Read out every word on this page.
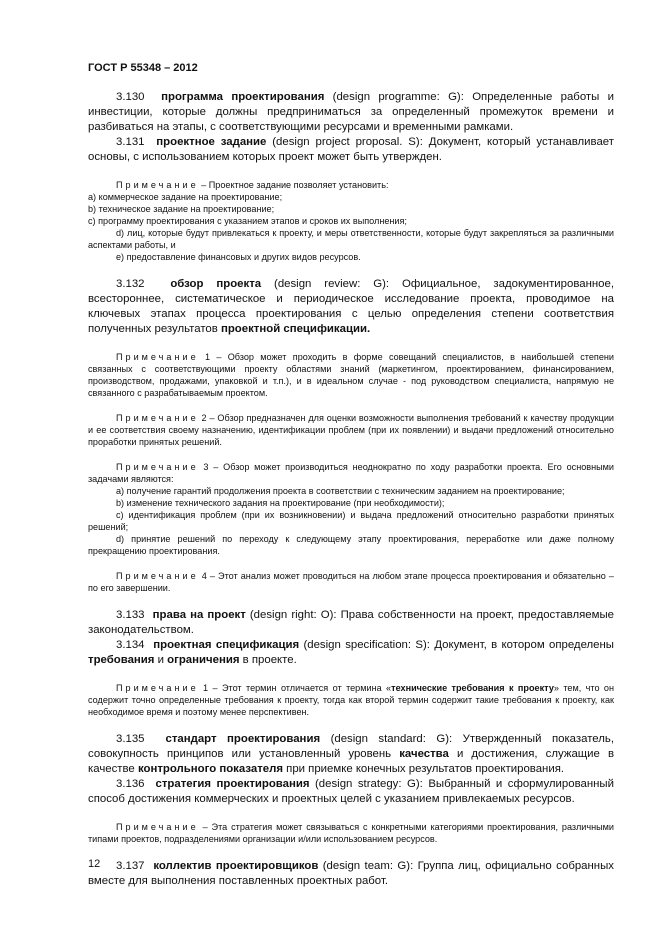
ГОСТ Р 55348 – 2012

3.130 программа проектирования (design programme: G): Определенные работы и инвестиции, которые должны предприниматься за определенный промежуток времени и разбиваться на этапы, с соответствующими ресурсами и временными рамками.

3.131 проектное задание (design project proposal. S): Документ, который устанавливает основы, с использованием которых проект может быть утвержден.

Примечание – Проектное задание позволяет установить:

а) коммерческое задание на проектирование;

b) техническое задание на проектирование;

c) программу проектирования с указанием этапов и сроков их выполнения;

d) лиц, которые будут привлекаться к проекту, и меры ответственности, которые будут закрепляться за различными аспектами работы, и

e) предоставление финансовых и других видов ресурсов.

3.132 обзор проекта (design review: G): Официальное, задокументированное, всестороннее, систематическое и периодическое исследование проекта, проводимое на ключевых этапах процесса проектирования с целью определения степени соответствия полученных результатов проектной спецификации.

Примечание 1 – Обзор может проходить в форме совещаний специалистов, в наибольшей степени связанных с соответствующими проекту областями знаний (маркетингом, проектированием, финансированием, производством, продажами, упаковкой и т.п.), и в идеальном случае - под руководством специалиста, напрямую не связанного с разрабатываемым проектом.

Примечание 2 – Обзор предназначен для оценки возможности выполнения требований к качеству продукции и ее соответствия своему назначению, идентификации проблем (при их появлении) и выдачи предложений относительно проработки принятых решений.

Примечание 3 – Обзор может производиться неоднократно по ходу разработки проекта. Его основными задачами являются:

а) получение гарантий продолжения проекта в соответствии с техническим заданием на проектирование;

b) изменение технического задания на проектирование (при необходимости);

c) идентификация проблем (при их возникновении) и выдача предложений относительно разработки принятых решений;

d) принятие решений по переходу к следующему этапу проектирования, переработке или даже полному прекращению проектирования.

Примечание 4 – Этот анализ может проводиться на любом этапе процесса проектирования и обязательно – по его завершении.

3.133 права на проект (design right: O): Права собственности на проект, предоставляемые законодательством.

3.134 проектная спецификация (design specification: S): Документ, в котором определены требования и ограничения в проекте.

Примечание 1 – Этот термин отличается от термина «технические требования к проекту» тем, что он содержит точно определенные требования к проекту, тогда как второй термин содержит такие требования к проекту, как необходимое время и поэтому менее перспективен.

3.135 стандарт проектирования (design standard: G): Утвержденный показатель, совокупность принципов или установленный уровень качества и достижения, служащие в качестве контрольного показателя при приемке конечных результатов проектирования.

3.136 стратегия проектирования (design strategy: G): Выбранный и сформулированный способ достижения коммерческих и проектных целей с указанием привлекаемых ресурсов.

Примечание – Эта стратегия может связываться с конкретными категориями проектирования, различными типами проектов, подразделениями организации и/или использованием ресурсов.

3.137 коллектив проектировщиков (design team: G): Группа лиц, официально собранных вместе для выполнения поставленных проектных работ.

12
